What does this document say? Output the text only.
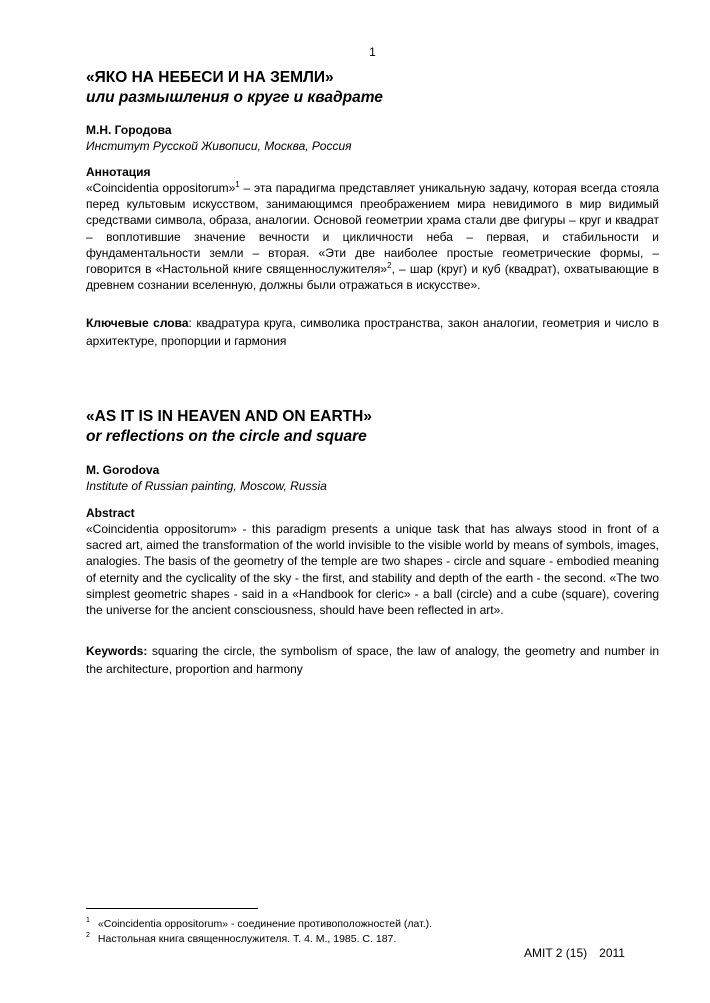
1

«ЯКО НА НЕБЕСИ И НА ЗЕМЛИ»

или размышления о круге и квадрате

М.Н. Городова

Институт Русской Живописи, Москва, Россия

Аннотация

«Coincidentia oppositorum»$^1$ – эта парадигма представляет уникальную задачу, которая всегда стояла перед культовым искусством, занимающимся преображением мира невидимого в мир видимый средствами символа, образа, аналогии. Основой геометрии храма стали две фигуры – круг и квадрат – воплотившие значение вечности и цикличности неба – первая, и стабильности и фундаментальности земли – вторая. «Эти две наиболее простые геометрические формы, – говорится в «Настольной книге священнослужителя»$^2$, – шар (круг) и куб (квадрат), охватывающие в древнем сознании вселенную, должны были отражаться в искусстве».

Ключевые слова: квадратура круга, символика пространства, закон аналогии, геометрия и число в архитектуре, пропорции и гармония

«AS IT IS IN HEAVEN AND ON EARTH»

or reflections on the circle and square

M. Gorodova

Institute of Russian painting, Moscow, Russia

Abstract

«Coincidentia oppositorum» - this paradigm presents a unique task that has always stood in front of a sacred art, aimed the transformation of the world invisible to the visible world by means of symbols, images, analogies. The basis of the geometry of the temple are two shapes - circle and square - embodied meaning of eternity and the cyclicality of the sky - the first, and stability and depth of the earth - the second. «The two simplest geometric shapes - said in a «Handbook for cleric» - a ball (circle) and a cube (square), covering the universe for the ancient consciousness, should have been reflected in art».

Keywords: squaring the circle, the symbolism of space, the law of analogy, the geometry and number in the architecture, proportion and harmony

$^1$ «Coincidentia oppositorum» - соединение противоположностей (лат.).
$^2$ Настольная книга священнослужителя. Т. 4. М., 1985. С. 187.
AMIT 2 (15) 2011
